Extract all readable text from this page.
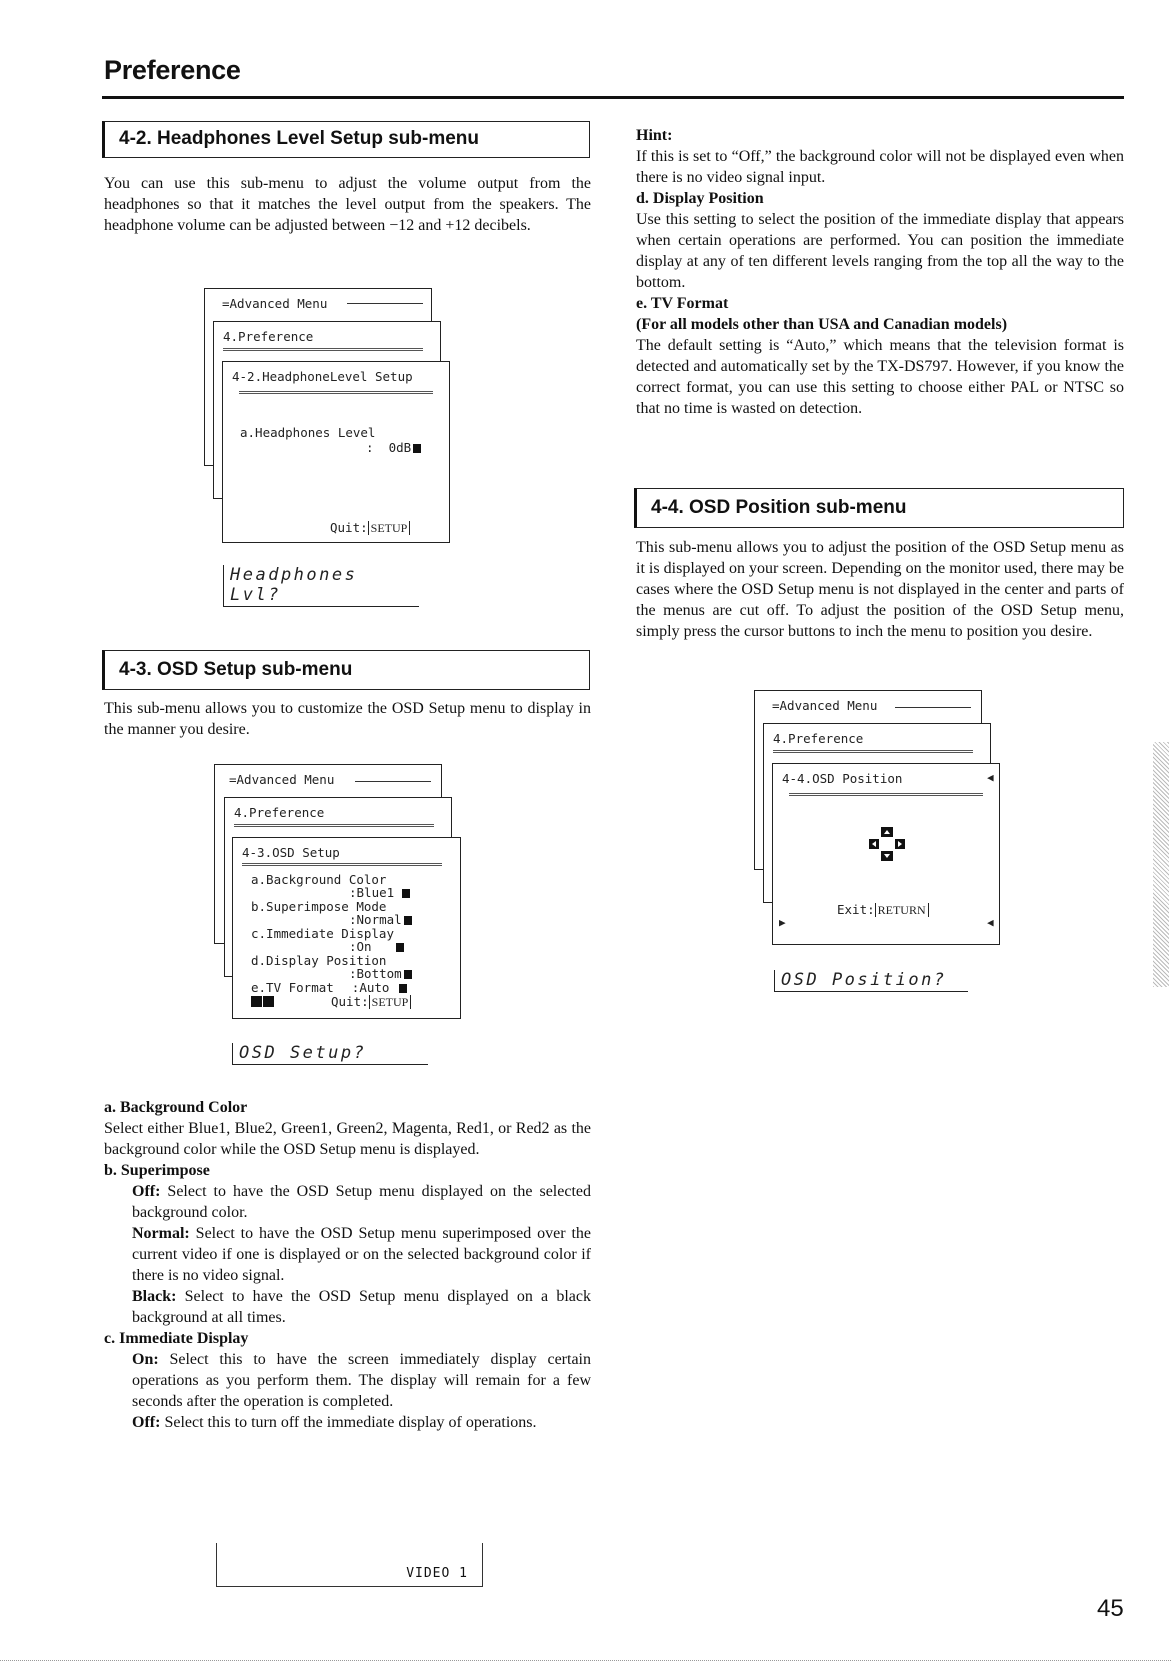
Preference
4-2. Headphones Level Setup sub-menu
You can use this sub-menu to adjust the volume output from the headphones so that it matches the level output from the speakers. The headphone volume can be adjusted between −12 and +12 decibels.
=Advanced Menu
4.Preference
4-2.HeadphoneLevel Setup
a.Headphones Level
:  0dB
Quit: SETUP
Headphones Lvl?
4-3. OSD Setup sub-menu
This sub-menu allows you to customize the OSD Setup menu to display in the manner you desire.
=Advanced Menu
4.Preference
4-3.OSD Setup
a.Background Color
:Blue1
b.Superimpose Mode
:Normal
c.Immediate Display
:On
d.Display Position
:Bottom
e.TV Format :Auto
Quit: SETUP
OSD Setup?

a. Background Color

Select either Blue1, Blue2, Green1, Green2, Magenta, Red1, or Red2 as the background color while the OSD Setup menu is displayed.

b. Superimpose

Off: Select to have the OSD Setup menu displayed on the selected background color.

Normal: Select to have the OSD Setup menu superimposed over the current video if one is displayed or on the selected background color if there is no video signal.

Black: Select to have the OSD Setup menu displayed on a black background at all times.

c. Immediate Display

On: Select this to have the screen immediately display certain operations as you perform them. The display will remain for a few seconds after the operation is completed.

Off: Select this to turn off the immediate display of operations.

VIDEO 1

Hint:

If this is set to “Off,” the background color will not be displayed even when there is no video signal input.

d. Display Position

Use this setting to select the position of the immediate display that appears when certain operations are performed. You can position the immediate display at any of ten different levels ranging from the top all the way to the bottom.

e. TV Format

(For all models other than USA and Canadian models)

The default setting is “Auto,” which means that the television format is detected and automatically set by the TX-DS797. However, if you know the correct format, you can use this setting to choose either PAL or NTSC so that no time is wasted on detection.

4-4. OSD Position sub-menu
This sub-menu allows you to adjust the position of the OSD Setup menu as it is displayed on your screen. Depending on the monitor used, there may be cases where the OSD Setup menu is not displayed in the center and parts of the menus are cut off. To adjust the position of the OSD Setup menu, simply press the cursor buttons to inch the menu to position you desire.
=Advanced Menu
4.Preference
4-4.OSD Position	◀
Exit: RETURN
▶	◀
OSD Position?
45
